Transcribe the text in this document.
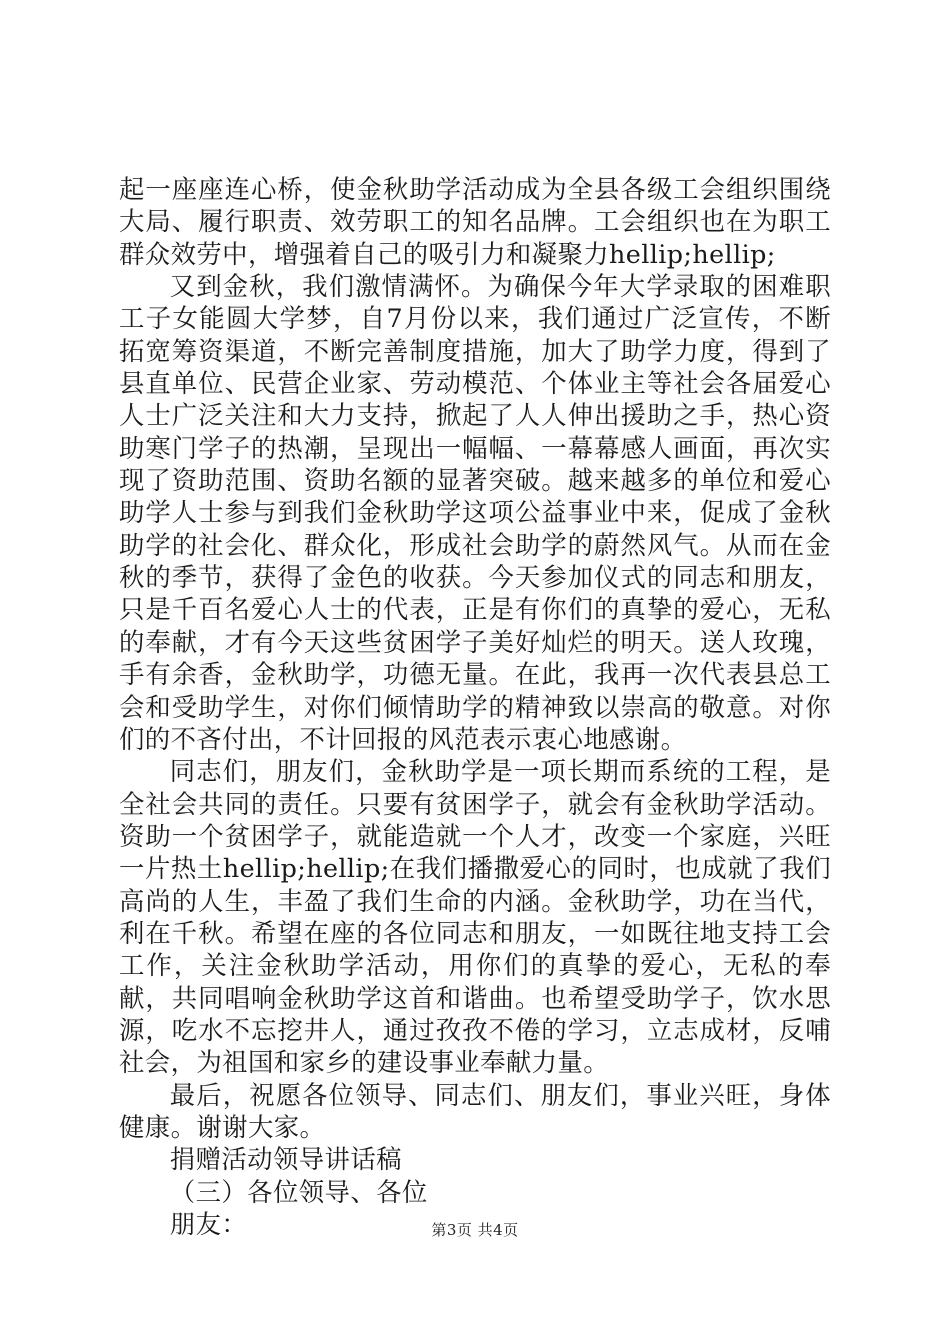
起一座座连心桥，使金秋助学活动成为全县各级工会组织围绕大局、履行职责、效劳职工的知名品牌。工会组织也在为职工群众效劳中，增强着自己的吸引力和凝聚力hellip;hellip;

又到金秋，我们激情满怀。为确保今年大学录取的困难职工子女能圆大学梦，自7月份以来，我们通过广泛宣传，不断拓宽筹资渠道，不断完善制度措施，加大了助学力度，得到了县直单位、民营企业家、劳动模范、个体业主等社会各届爱心人士广泛关注和大力支持，掀起了人人伸出援助之手，热心资助寒门学子的热潮，呈现出一幅幅、一幕幕感人画面，再次实现了资助范围、资助名额的显著突破。越来越多的单位和爱心助学人士参与到我们金秋助学这项公益事业中来，促成了金秋助学的社会化、群众化，形成社会助学的蔚然风气。从而在金秋的季节，获得了金色的收获。今天参加仪式的同志和朋友，只是千百名爱心人士的代表，正是有你们的真挚的爱心，无私的奉献，才有今天这些贫困学子美好灿烂的明天。送人玫瑰，手有余香，金秋助学，功德无量。在此，我再一次代表县总工会和受助学生，对你们倾情助学的精神致以崇高的敬意。对你们的不吝付出，不计回报的风范表示衷心地感谢。

同志们，朋友们，金秋助学是一项长期而系统的工程，是全社会共同的责任。只要有贫困学子，就会有金秋助学活动。资助一个贫困学子，就能造就一个人才，改变一个家庭，兴旺一片热土hellip;hellip;在我们播撒爱心的同时，也成就了我们高尚的人生，丰盈了我们生命的内涵。金秋助学，功在当代，利在千秋。希望在座的各位同志和朋友，一如既往地支持工会工作，关注金秋助学活动，用你们的真挚的爱心，无私的奉献，共同唱响金秋助学这首和谐曲。也希望受助学子，饮水思源，吃水不忘挖井人，通过孜孜不倦的学习，立志成材，反哺社会，为祖国和家乡的建设事业奉献力量。

最后，祝愿各位领导、同志们、朋友们，事业兴旺，身体健康。谢谢大家。

捐赠活动领导讲话稿

（三）各位领导、各位

朋友：	第3页 共4页
